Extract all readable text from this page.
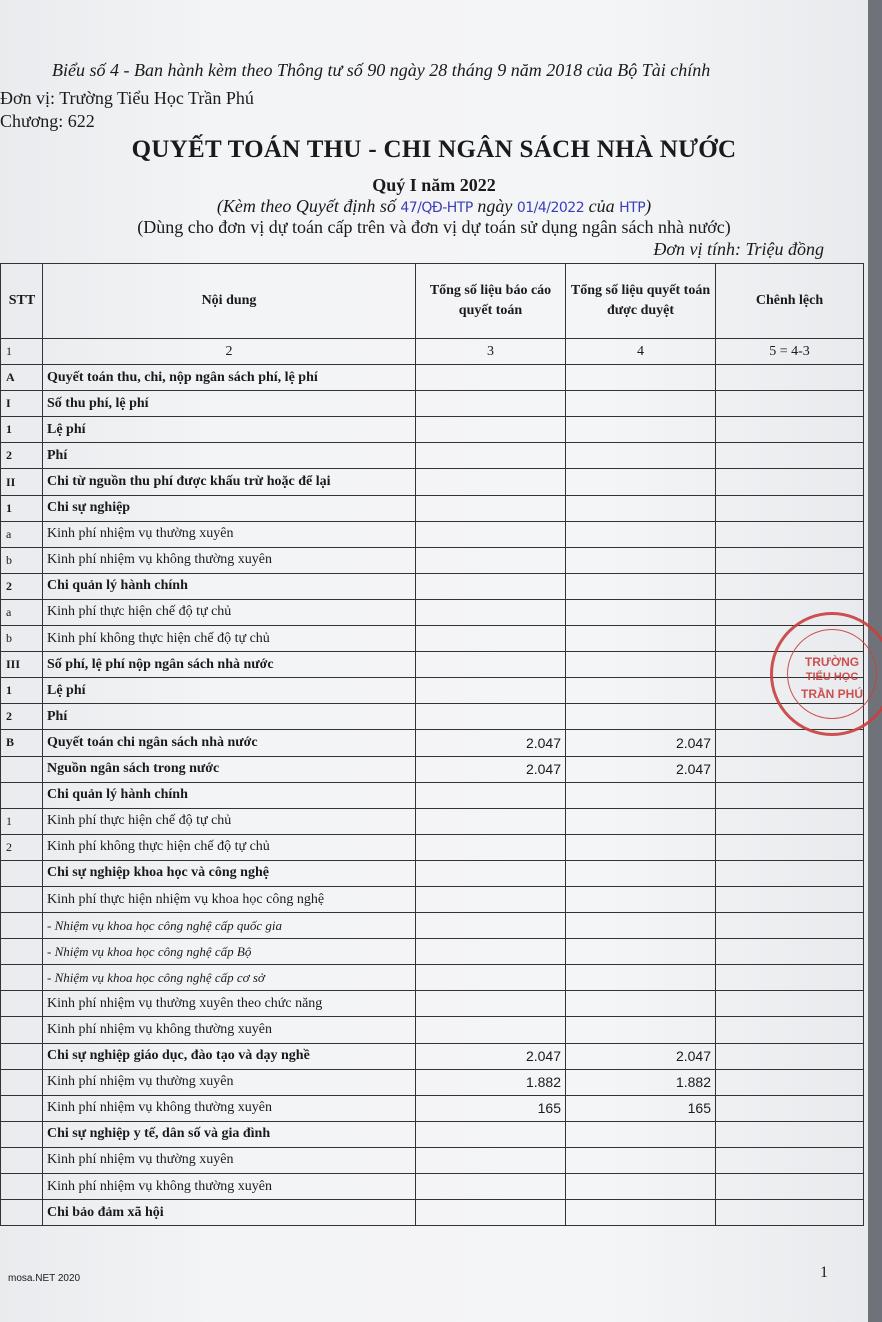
Biểu số 4 - Ban hành kèm theo Thông tư số 90 ngày 28 tháng 9 năm 2018 của Bộ Tài chính
Đơn vị: Trường Tiểu Học Trần Phú
Chương: 622
QUYẾT TOÁN THU - CHI NGÂN SÁCH NHÀ NƯỚC
Quý I năm 2022
(Kèm theo Quyết định số 47/QĐ-HTP ngày 01/4/2022 của HTP)
(Dùng cho đơn vị dự toán cấp trên và đơn vị dự toán sử dụng ngân sách nhà nước)
Đơn vị tính: Triệu đồng
STT	Nội dung	Tổng số liệu báo cáo quyết toán	Tổng số liệu quyết toán được duyệt	Chênh lệch
1	2	3	4	5 = 4-3
A	Quyết toán thu, chi, nộp ngân sách phí, lệ phí			
I	Số thu phí, lệ phí			
1	Lệ phí			
2	Phí			
II	Chi từ nguồn thu phí được khấu trừ hoặc để lại			
1	Chi sự nghiệp			
a	Kinh phí nhiệm vụ thường xuyên			
b	Kinh phí nhiệm vụ không thường xuyên			
2	Chi quản lý hành chính			
a	Kinh phí thực hiện chế độ tự chủ			
b	Kinh phí không thực hiện chế độ tự chủ			
III	Số phí, lệ phí nộp ngân sách nhà nước			
1	Lệ phí			
2	Phí			
B	Quyết toán chi ngân sách nhà nước	2.047	2.047	
	Nguồn ngân sách trong nước	2.047	2.047	
	Chi quản lý hành chính			
1	Kinh phí thực hiện chế độ tự chủ			
2	Kinh phí không thực hiện chế độ tự chủ			
	Chi sự nghiệp khoa học và công nghệ			
	Kinh phí thực hiện nhiệm vụ khoa học công nghệ			
	- Nhiệm vụ khoa học công nghệ cấp quốc gia			
	- Nhiệm vụ khoa học công nghệ cấp Bộ			
	- Nhiệm vụ khoa học công nghệ cấp cơ sở			
	Kinh phí nhiệm vụ thường xuyên theo chức năng			
	Kinh phí nhiệm vụ không thường xuyên			
	Chi sự nghiệp giáo dục, đào tạo và dạy nghề	2.047	2.047	
	Kinh phí nhiệm vụ thường xuyên	1.882	1.882	
	Kinh phí nhiệm vụ không thường xuyên	165	165	
	Chi sự nghiệp y tế, dân số và gia đình			
	Kinh phí nhiệm vụ thường xuyên			
	Kinh phí nhiệm vụ không thường xuyên			
	Chi bảo đảm xã hội			
mosa.NET 2020	1
TRƯỜNG
TIỂU HỌC
TRẦN PHÚ
